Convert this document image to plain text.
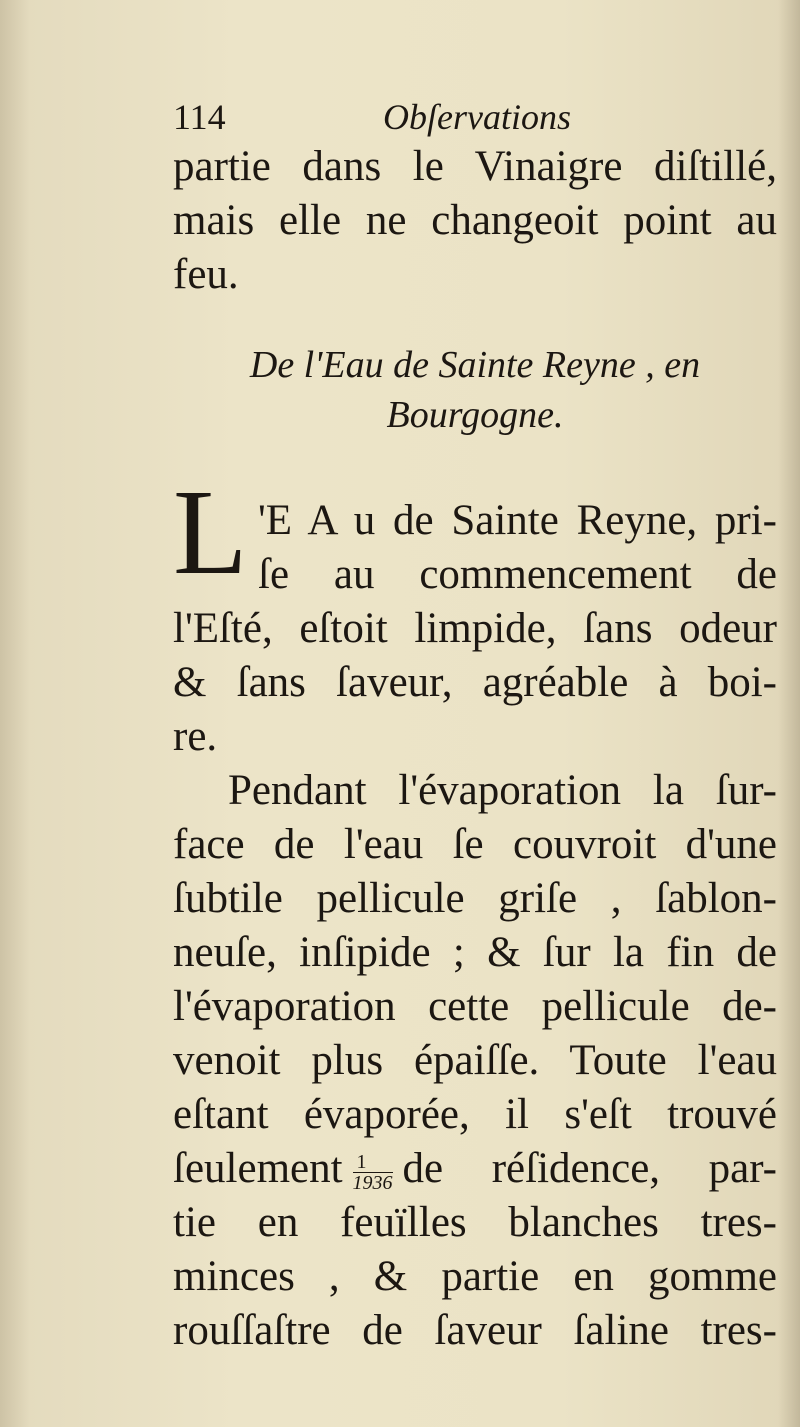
114	Obſervations

partie dans le Vinaigre diſtillé,

mais elle ne changeoit point au

feu.

De l'Eau de Sainte Reyne , en
Bourgogne.
L 'E A u de Sainte Reyne, pri-

ſe au commencement de

l'Eſté, eſtoit limpide, ſans odeur

& ſans ſaveur, agréable à boi-

re.

Pendant l'évaporation la ſur-

face de l'eau ſe couvroit d'une

ſubtile pellicule griſe , ſablon-

neuſe, inſipide ; & ſur la fin de

l'évaporation cette pellicule de-

venoit plus épaiſſe. Toute l'eau

eſtant évaporée, il s'eſt trouvé

ſeulement $\frac{1}{1936}$ de réſidence, par-

tie en feuïlles blanches tres-

minces , & partie en gomme

rouſſaſtre de ſaveur ſaline tres-
